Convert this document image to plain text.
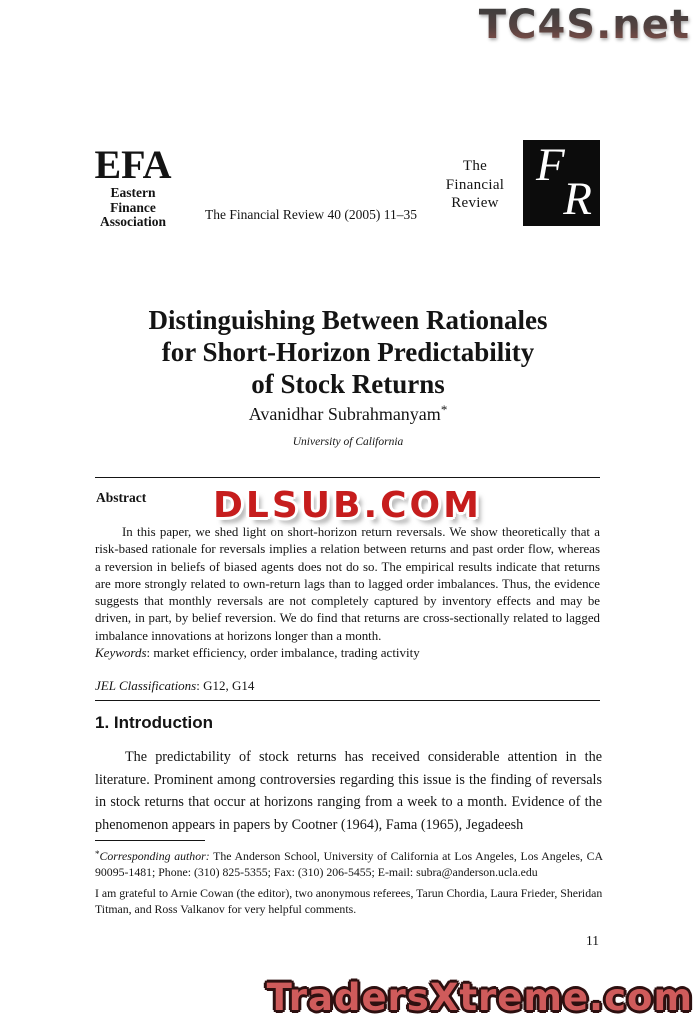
TC4S.net
DLSUB.COM
TradersXtreme.com
EFA
Eastern
Finance
Association	The Financial Review 40 (2005) 11–35
The
Financial
Review
F
R
Distinguishing Between Rationales
for Short-Horizon Predictability
of Stock Returns
Avanidhar Subrahmanyam*
University of California
Abstract

In this paper, we shed light on short-horizon return reversals. We show theoretically that a risk-based rationale for reversals implies a relation between returns and past order flow, whereas a reversion in beliefs of biased agents does not do so. The empirical results indicate that returns are more strongly related to own-return lags than to lagged order imbalances. Thus, the evidence suggests that monthly reversals are not completely captured by inventory effects and may be driven, in part, by belief reversion. We do find that returns are cross-sectionally related to lagged imbalance innovations at horizons longer than a month.

Keywords: market efficiency, order imbalance, trading activity
JEL Classifications: G12, G14
1. Introduction

The predictability of stock returns has received considerable attention in the literature. Prominent among controversies regarding this issue is the finding of reversals in stock returns that occur at horizons ranging from a week to a month. Evidence of the phenomenon appears in papers by Cootner (1964), Fama (1965), Jegadeesh

*Corresponding author: The Anderson School, University of California at Los Angeles, Los Angeles, CA 90095-1481; Phone: (310) 825-5355; Fax: (310) 206-5455; E-mail: subra@anderson.ucla.edu

I am grateful to Arnie Cowan (the editor), two anonymous referees, Tarun Chordia, Laura Frieder, Sheridan Titman, and Ross Valkanov for very helpful comments.

11
